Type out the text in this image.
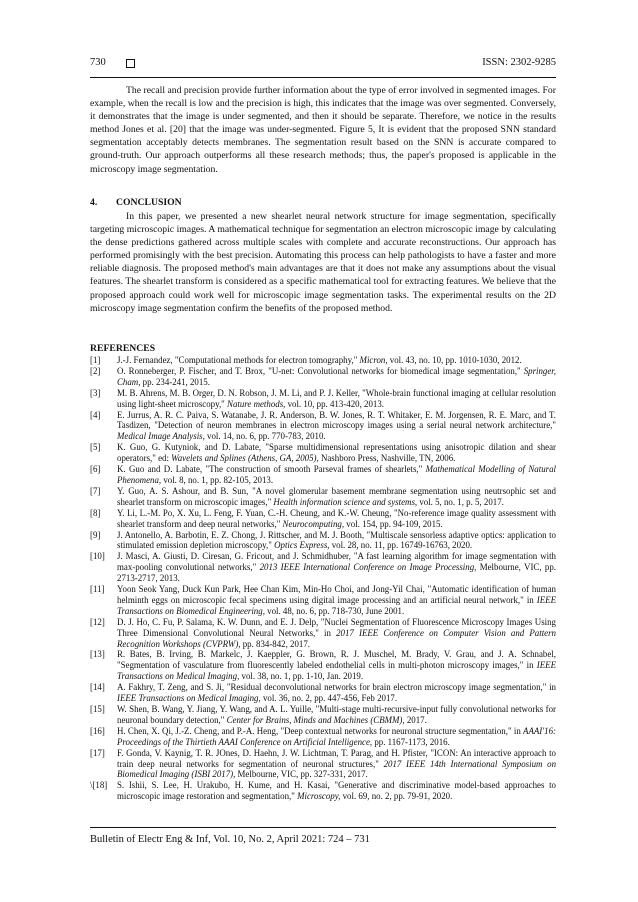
730	ISSN: 2302-9285
The recall and precision provide further information about the type of error involved in segmented images. For example, when the recall is low and the precision is high, this indicates that the image was over segmented. Conversely, it demonstrates that the image is under segmented, and then it should be separate. Therefore, we notice in the results method Jones et al. [20] that the image was under-segmented. Figure 5, It is evident that the proposed SNN standard segmentation acceptably detects membranes. The segmentation result based on the SNN is accurate compared to ground-truth. Our approach outperforms all these research methods; thus, the paper's proposed is applicable in the microscopy image segmentation.
4. CONCLUSION
In this paper, we presented a new shearlet neural network structure for image segmentation, specifically targeting microscopic images. A mathematical technique for segmentation an electron microscopic image by calculating the dense predictions gathered across multiple scales with complete and accurate reconstructions. Our approach has performed promisingly with the best precision. Automating this process can help pathologists to have a faster and more reliable diagnosis. The proposed method's main advantages are that it does not make any assumptions about the visual features. The shearlet transform is considered as a specific mathematical tool for extracting features. We believe that the proposed approach could work well for microscopic image segmentation tasks. The experimental results on the 2D microscopy image segmentation confirm the benefits of the proposed method.
REFERENCES
[1] J.-J. Fernandez, "Computational methods for electron tomography," Micron, vol. 43, no. 10, pp. 1010-1030, 2012.
[2] O. Ronneberger, P. Fischer, and T. Brox, "U-net: Convolutional networks for biomedical image segmentation," Springer, Cham, pp. 234-241, 2015.
[3] M. B. Ahrens, M. B. Orger, D. N. Robson, J. M. Li, and P. J. Keller, "Whole-brain functional imaging at cellular resolution using light-sheet microscopy," Nature methods, vol. 10, pp. 413-420, 2013.
[4] E. Jurrus, A. R. C. Paiva, S. Watanabe, J. R. Anderson, B. W. Jones, R. T. Whitaker, E. M. Jorgensen, R. E. Marc, and T. Tasdizen, "Detection of neuron membranes in electron microscopy images using a serial neural network architecture," Medical Image Analysis, vol. 14, no. 6, pp. 770-783, 2010.
[5] K. Guo, G. Kutyniok, and D. Labate, "Sparse multidimensional representations using anisotropic dilation and shear operators," ed: Wavelets and Splines (Athens, GA, 2005), Nashboro Press, Nashville, TN, 2006.
[6] K. Guo and D. Labate, "The construction of smooth Parseval frames of shearlets," Mathematical Modelling of Natural Phenomena, vol. 8, no. 1, pp. 82-105, 2013.
[7] Y. Guo, A. S. Ashour, and B. Sun, "A novel glomerular basement membrane segmentation using neutrsophic set and shearlet transform on microscopic images," Health information science and systems, vol. 5, no. 1, p. 5, 2017.
[8] Y. Li, L.-M. Po, X. Xu, L. Feng, F. Yuan, C.-H. Cheung, and K.-W. Cheung, "No-reference image quality assessment with shearlet transform and deep neural networks," Neurocomputing, vol. 154, pp. 94-109, 2015.
[9] J. Antonello, A. Barbotin, E. Z. Chong, J. Rittscher, and M. J. Booth, "Multiscale sensorless adaptive optics: application to stimulated emission depletion microscopy," Optics Express, vol. 28, no. 11, pp. 16749-16763, 2020.
[10] J. Masci, A. Giusti, D. Ciresan, G. Fricout, and J. Schmidhuber, "A fast learning algorithm for image segmentation with max-pooling convolutional networks," 2013 IEEE International Conference on Image Processing, Melbourne, VIC, pp. 2713-2717, 2013.
[11] Yoon Seok Yang, Duck Kun Park, Hee Chan Kim, Min-Ho Choi, and Jong-Yil Chai, "Automatic identification of human helminth eggs on microscopic fecal specimens using digital image processing and an artificial neural network," in IEEE Transactions on Biomedical Engineering, vol. 48, no. 6, pp. 718-730, June 2001.
[12] D. J. Ho, C. Fu, P. Salama, K. W. Dunn, and E. J. Delp, "Nuclei Segmentation of Fluorescence Microscopy Images Using Three Dimensional Convolutional Neural Networks," in 2017 IEEE Conference on Computer Vision and Pattern Recognition Workshops (CVPRW), pp. 834-842, 2017.
[13] R. Bates, B. Irving, B. Markelc, J. Kaeppler, G. Brown, R. J. Muschel, M. Brady, V. Grau, and J. A. Schnabel, "Segmentation of vasculature from fluorescently labeled endothelial cells in multi-photon microscopy images," in IEEE Transactions on Medical Imaging, vol. 38, no. 1, pp. 1-10, Jan. 2019.
[14] A. Fakhry, T. Zeng, and S. Ji, "Residual deconvolutional networks for brain electron microscopy image segmentation," in IEEE Transactions on Medical Imaging, vol. 36, no. 2, pp. 447-456, Feb 2017.
[15] W. Shen, B. Wang, Y. Jiang, Y. Wang, and A. L. Yuille, "Multi-stage multi-recursive-input fully convolutional networks for neuronal boundary detection," Center for Brains, Minds and Machines (CBMM), 2017.
[16] H. Chen, X. Qi, J.-Z. Cheng, and P.-A. Heng, "Deep contextual networks for neuronal structure segmentation," in AAAI'16: Proceedings of the Thirtieth AAAI Conference on Artificial Intelligence, pp. 1167-1173, 2016.
[17] F. Gonda, V. Kaynig, T. R. JOnes, D. Haehn, J. W. Lichtman, T. Parag, and H. Pfister, "ICON: An interactive approach to train deep neural networks for segmentation of neuronal structures," 2017 IEEE 14th International Symposium on Biomedical Imaging (ISBI 2017), Melbourne, VIC, pp. 327-331, 2017.
\[18] S. Ishii, S. Lee, H. Urakubo, H. Kume, and H. Kasai, "Generative and discriminative model-based approaches to microscopic image restoration and segmentation," Microscopy, vol. 69, no. 2, pp. 79-91, 2020.
Bulletin of Electr Eng & Inf, Vol. 10, No. 2, April 2021: 724 – 731
